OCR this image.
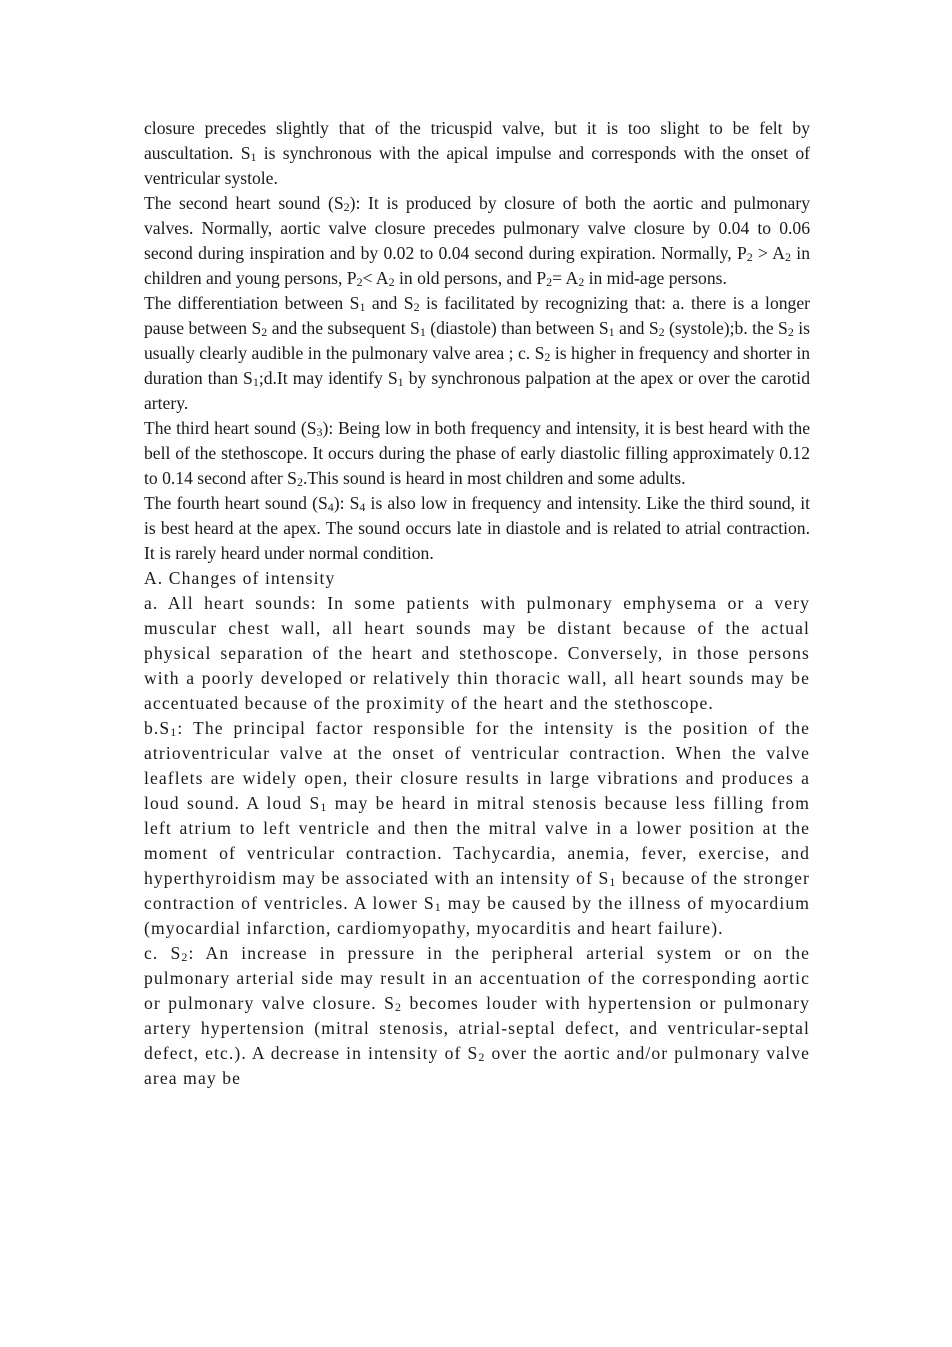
closure precedes slightly that of the tricuspid valve, but it is too slight to be felt by auscultation. $S_1$ is synchronous with the apical impulse and corresponds with the onset of ventricular systole.

The second heart sound $(S_2)$: It is produced by closure of both the aortic and pulmonary valves. Normally, aortic valve closure precedes pulmonary valve closure by 0.04 to 0.06 second during inspiration and by 0.02 to 0.04 second during expiration. Normally, $P_2 > A_2$ in children and young persons, $P_2< A_2$ in old persons, and $P_2= A_2$ in mid-age persons.

The differentiation between $S_1$ and $S_2$ is facilitated by recognizing that: a. there is a longer pause between $S_2$ and the subsequent $S_1$ (diastole) than between $S_1$ and $S_2$ (systole);b. the $S_2$ is usually clearly audible in the pulmonary valve area ; c. $S_2$ is higher in frequency and shorter in duration than $S_1;d.It$ may identify $S_1$ by synchronous palpation at the apex or over the carotid artery.

The third heart sound $(S_3)$: Being low in both frequency and intensity, it is best heard with the bell of the stethoscope. It occurs during the phase of early diastolic filling approximately 0.12 to 0.14 second after $S_2.This$ sound is heard in most children and some adults.

The fourth heart sound $(S_4)$: $S_4$ is also low in frequency and intensity. Like the third sound, it is best heard at the apex. The sound occurs late in diastole and is related to atrial contraction. It is rarely heard under normal condition.

A. Changes of intensity

a. All heart sounds: In some patients with pulmonary emphysema or a very muscular chest wall, all heart sounds may be distant because of the actual physical separation of the heart and stethoscope. Conversely, in those persons with a poorly developed or relatively thin thoracic wall, all heart sounds may be accentuated because of the proximity of the heart and the stethoscope.

$b.S_1$: The principal factor responsible for the intensity is the position of the atrioventricular valve at the onset of ventricular contraction. When the valve leaflets are widely open, their closure results in large vibrations and produces a loud sound. A loud $S_1$ may be heard in mitral stenosis because less filling from left atrium to left ventricle and then the mitral valve in a lower position at the moment of ventricular contraction. Tachycardia, anemia, fever, exercise, and hyperthyroidism may be associated with an intensity of $S_1$ because of the stronger contraction of ventricles. A lower $S_1$ may be caused by the illness of myocardium (myocardial infarction, cardiomyopathy, myocarditis and heart failure).

c. $S_2$: An increase in pressure in the peripheral arterial system or on the pulmonary arterial side may result in an accentuation of the corresponding aortic or pulmonary valve closure. $S_2$ becomes louder with hypertension or pulmonary artery hypertension (mitral stenosis, atrial-septal defect, and ventricular-septal defect, etc.). A decrease in intensity of $S_2$ over the aortic and/or pulmonary valve area may be
